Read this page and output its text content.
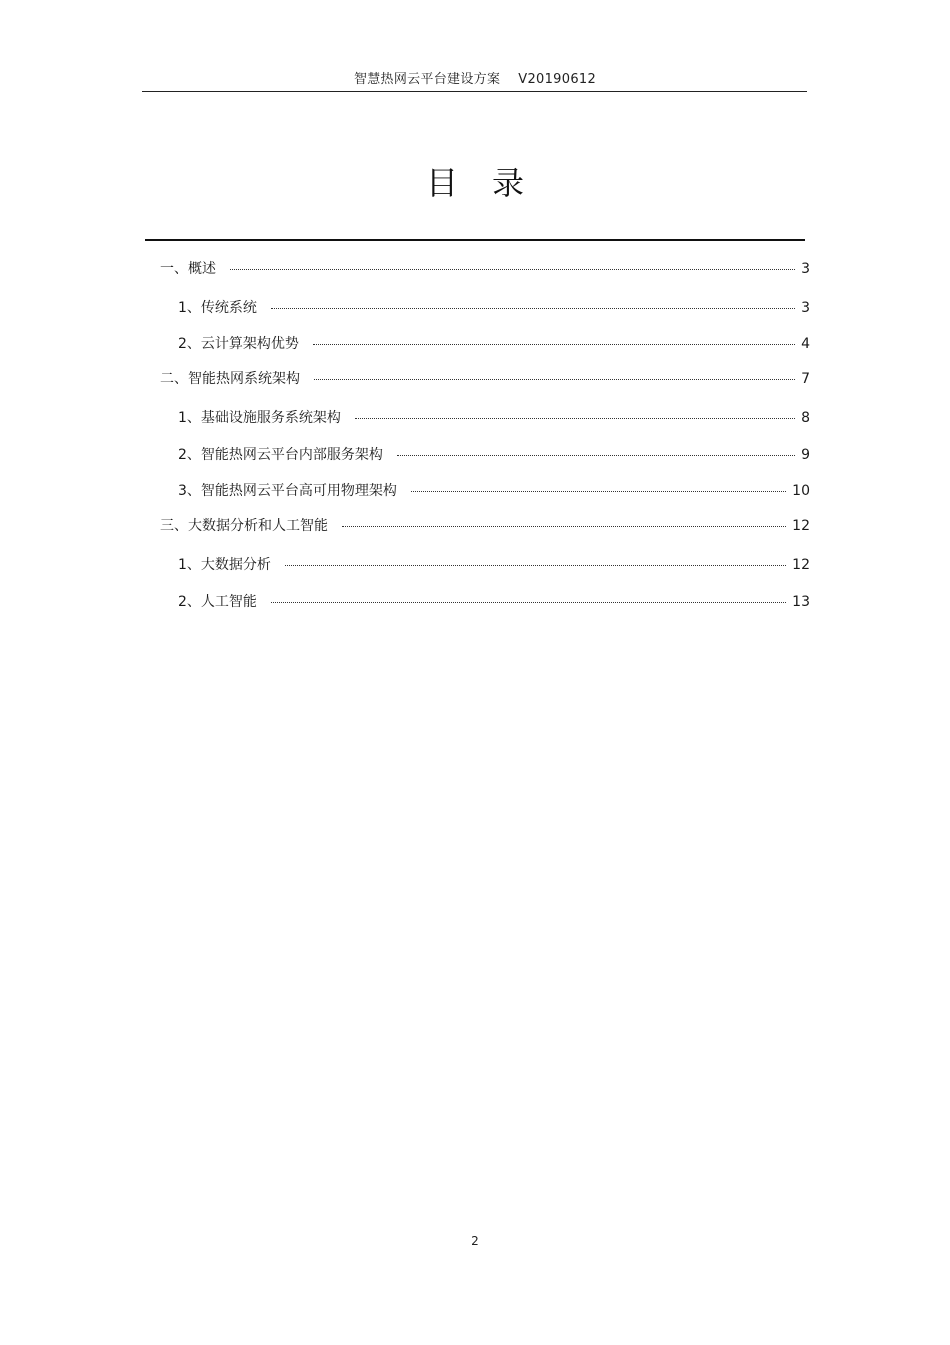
智慧热网云平台建设方案 V20190612
目录
一、概述	3
1、传统系统	3
2、云计算架构优势	4
二、智能热网系统架构	7
1、基础设施服务系统架构	8
2、智能热网云平台内部服务架构	9
3、智能热网云平台高可用物理架构	10
三、大数据分析和人工智能	12
1、大数据分析	12
2、人工智能	13
2
